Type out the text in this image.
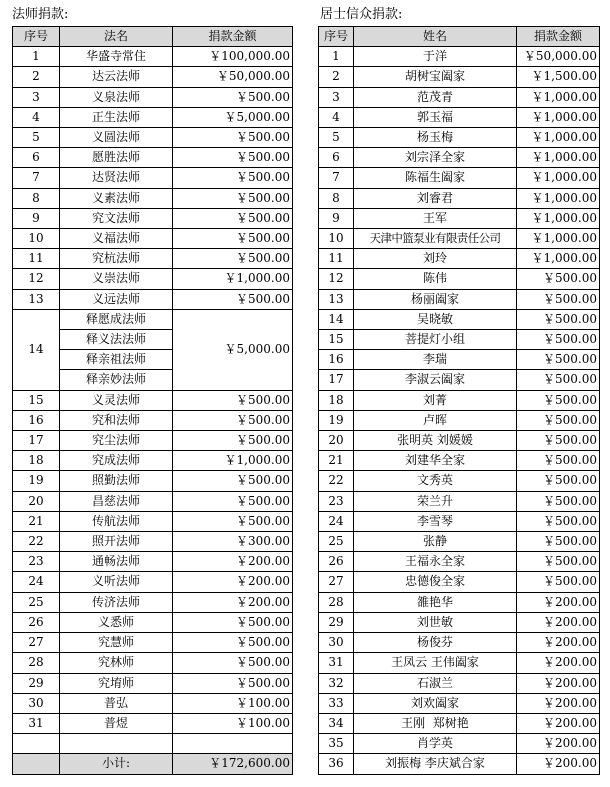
法师捐款:	居士信众捐款:
序号	法名	捐款金额
1	华盛寺常住	￥100,000.00
2	达云法师	￥50,000.00
3	义泉法师	￥500.00
4	正生法师	￥5,000.00
5	义圆法师	￥500.00
6	愿胜法师	￥500.00
7	达贤法师	￥500.00
8	义素法师	￥500.00
9	究文法师	￥500.00
10	义福法师	￥500.00
11	究杭法师	￥500.00
12	义崇法师	￥1,000.00
13	义远法师	￥500.00
14	释愿成法师	￥5,000.00
	释义法法师	
	释亲祖法师	
	释亲妙法师	
15	义灵法师	￥500.00
16	究和法师	￥500.00
17	究尘法师	￥500.00
18	究成法师	￥1,000.00
19	照勤法师	￥500.00
20	昌慈法师	￥500.00
21	传航法师	￥500.00
22	照开法师	￥300.00
23	通畅法师	￥200.00
24	义听法师	￥200.00
25	传济法师	￥200.00
26	义悉师	￥500.00
27	究慧师	￥500.00
28	究林师	￥500.00
29	究堉师	￥500.00
30	普弘	￥100.00
31	普煜	￥100.00

	小计:	￥172,600.00
序号	姓名	捐款金额
1	于洋	￥50,000.00
2	胡树宝阖家	￥1,500.00
3	范茂青	￥1,000.00
4	郭玉福	￥1,000.00
5	杨玉梅	￥1,000.00
6	刘宗泽全家	￥1,000.00
7	陈福生阖家	￥1,000.00
8	刘睿君	￥1,000.00
9	王军	￥1,000.00
10	天津中篮泵业有限责任公司	￥1,000.00
11	刘玲	￥1,000.00
12	陈伟	￥500.00
13	杨丽阖家	￥500.00
14	吴晓敏	￥500.00
15	菩提灯小组	￥500.00
16	李瑞	￥500.00
17	李淑云阖家	￥500.00
18	刘菁	￥500.00
19	卢晖	￥500.00
20	张明英 刘媛媛	￥500.00
21	刘建华全家	￥500.00
22	文秀英	￥500.00
23	荣兰升	￥500.00
24	李雪琴	￥500.00
25	张静	￥500.00
26	王福永全家	￥500.00
27	忠德俊全家	￥500.00
28	雒艳华	￥200.00
29	刘世敏	￥200.00
30	杨俊芬	￥200.00
31	王凤云 王伟阖家	￥200.00
32	石淑兰	￥200.00
33	刘欢阖家	￥200.00
34	王刚  郑树艳	￥200.00
35	肖学英	￥200.00
36	刘振梅 李庆斌合家	￥200.00
